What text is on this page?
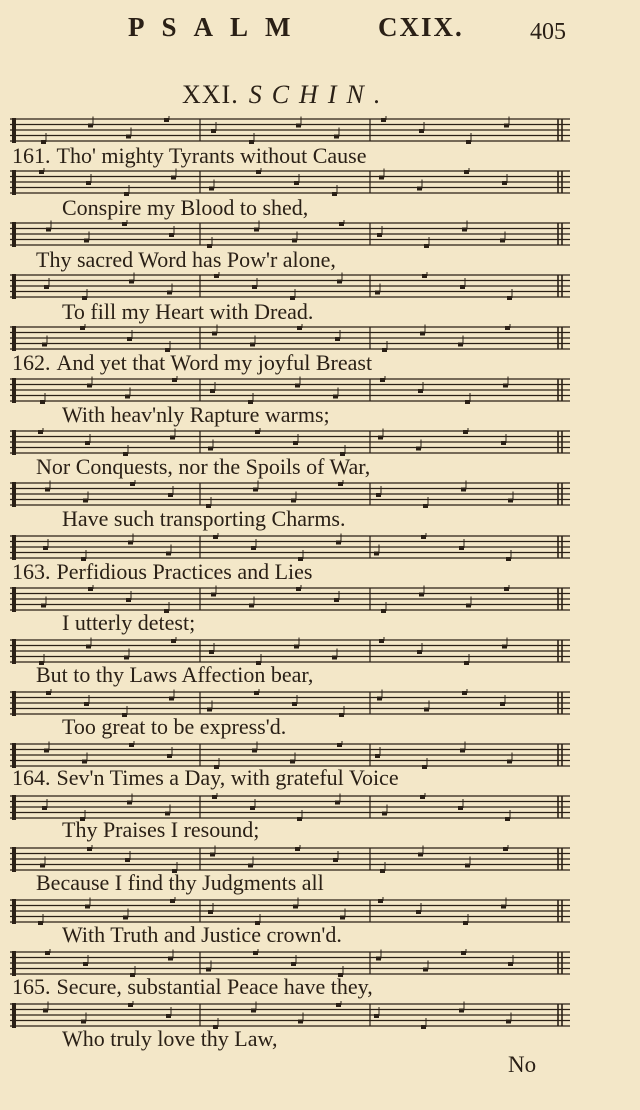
PSALM	CXIX.	405
XXI. SCHIN.
161. Tho' mighty Tyrants without Cause
Conspire my Blood to shed,
Thy sacred Word has Pow'r alone,
To fill my Heart with Dread.
162. And yet that Word my joyful Breast
With heav'nly Rapture warms;
Nor Conquests, nor the Spoils of War,
Have such transporting Charms.
163. Perfidious Practices and Lies
I utterly detest;
But to thy Laws Affection bear,
Too great to be express'd.
164. Sev'n Times a Day, with grateful Voice
Thy Praises I resound;
Because I find thy Judgments all
With Truth and Justice crown'd.
165. Secure, substantial Peace have they,
Who truly love thy Law,
No
